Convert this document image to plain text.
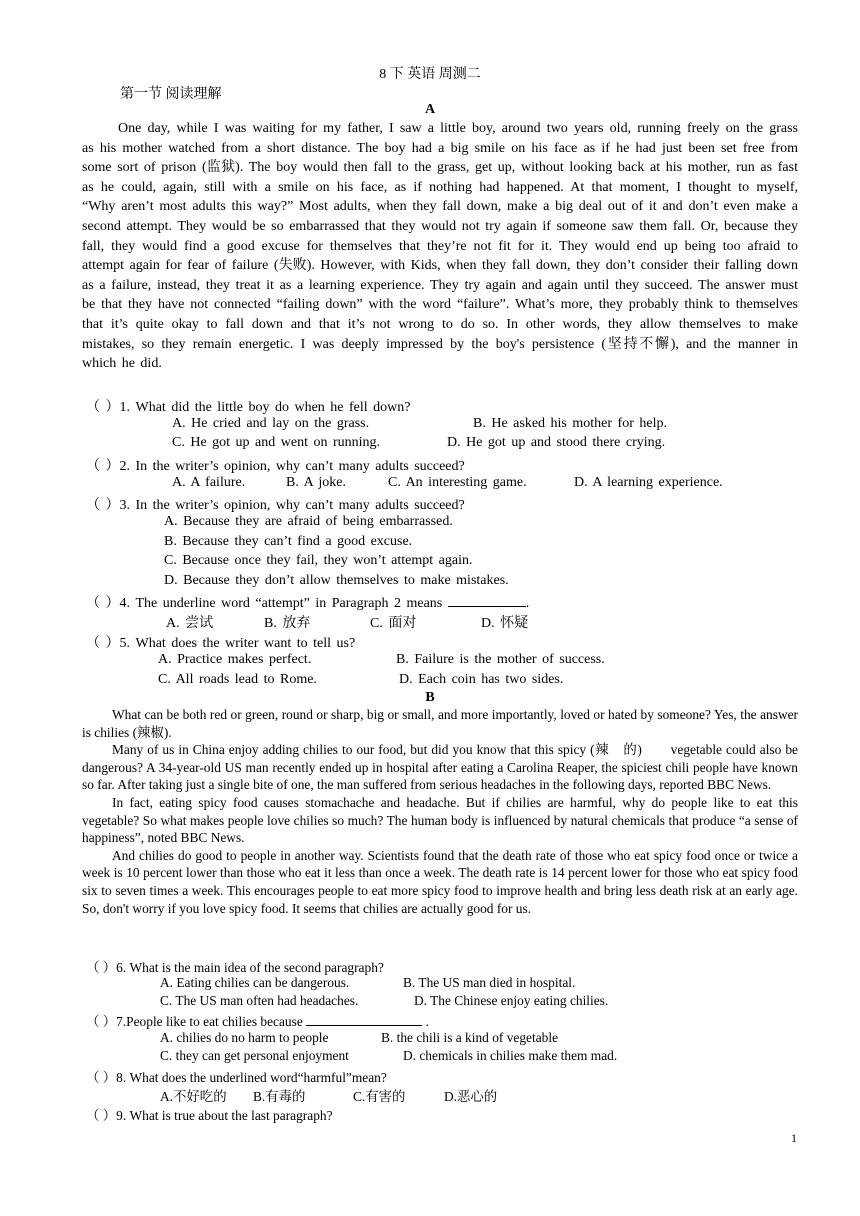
8 下 英语 周测二
第一节 阅读理解
A
One day, while I was waiting for my father, I saw a little boy, around two years old, running freely on the grass as his mother watched from a short distance. The boy had a big smile on his face as if he had just been set free from some sort of prison (监狱). The boy would then fall to the grass, get up, without looking back at his mother, run as fast as he could, again, still with a smile on his face, as if nothing had happened. At that moment, I thought to myself, “Why aren’t most adults this way?” Most adults, when they fall down, make a big deal out of it and don’t even make a second attempt. They would be so embarrassed that they would not try again if someone saw them fall. Or, because they fall, they would find a good excuse for themselves that they’re not fit for it. They would end up being too afraid to attempt again for fear of failure (失败). However, with Kids, when they fall down, they don’t consider their falling down as a failure, instead, they treat it as a learning experience. They try again and again until they succeed. The answer must be that they have not connected “failing down” with the word “failure”. What’s more, they probably think to themselves that it’s quite okay to fall down and that it’s not wrong to do so. In other words, they allow themselves to make mistakes, so they remain energetic. I was deeply impressed by the boy's persistence (坚持不懈), and the manner in which he did.
（ ）1. What did the little boy do when he fell down?
A. He cried and lay on the grass.	B. He asked his mother for help.
C. He got up and went on running.	D. He got up and stood there crying.
（ ）2. In the writer’s opinion, why can’t many adults succeed?
A. A failure.	B. A joke.	C. An interesting game.	D. A learning experience.
（ ）3. In the writer’s opinion, why can’t many adults succeed?
A. Because they are afraid of being embarrassed.
B. Because they can’t find a good excuse.
C. Because once they fail, they won’t attempt again.
D. Because they don’t allow themselves to make mistakes.
（ ）4. The underline word “attempt” in Paragraph 2 means	.
A. 尝试	B. 放弃	C. 面对	D. 怀疑
（ ）5. What does the writer want to tell us?
A. Practice makes perfect.	B. Failure is the mother of success.
C. All roads lead to Rome.	D. Each coin has two sides.
B

What can be both red or green, round or sharp, big or small, and more importantly, loved or hated by someone? Yes, the answer is chilies (辣椒).

Many of us in China enjoy adding chilies to our food, but did you know that this spicy (辣　的)　　vegetable could also be dangerous? A 34-year-old US man recently ended up in hospital after eating a Carolina Reaper, the spiciest chili people have known so far. After taking just a single bite of one, the man suffered from serious headaches in the following days, reported BBC News.

In fact, eating spicy food causes stomachache and headache. But if chilies are harmful, why do people like to eat this vegetable? So what makes people love chilies so much? The human body is influenced by natural chemicals that produce “a sense of happiness”, noted BBC News.

And chilies do good to people in another way. Scientists found that the death rate of those who eat spicy food once or twice a week is 10 percent lower than those who eat it less than once a week. The death rate is 14 percent lower for those who eat spicy food six to seven times a week. This encourages people to eat more spicy food to improve health and bring less death risk at an early age. So, don't worry if you love spicy food. It seems that chilies are actually good for us.

（ ）6. What is the main idea of the second paragraph?
A. Eating chilies can be dangerous.	B. The US man died in hospital.
C. The US man often had headaches.	D. The Chinese enjoy eating chilies.
（ ）7.People like to eat chilies because	.
A. chilies do no harm to people	B. the chili is a kind of vegetable
C. they can get personal enjoyment	D. chemicals in chilies make them mad.
（ ）8. What does the underlined word“harmful”mean?
A.不好吃的 B.有毒的	C.有害的	D.恶心的
（ ）9. What is true about the last paragraph?
1
